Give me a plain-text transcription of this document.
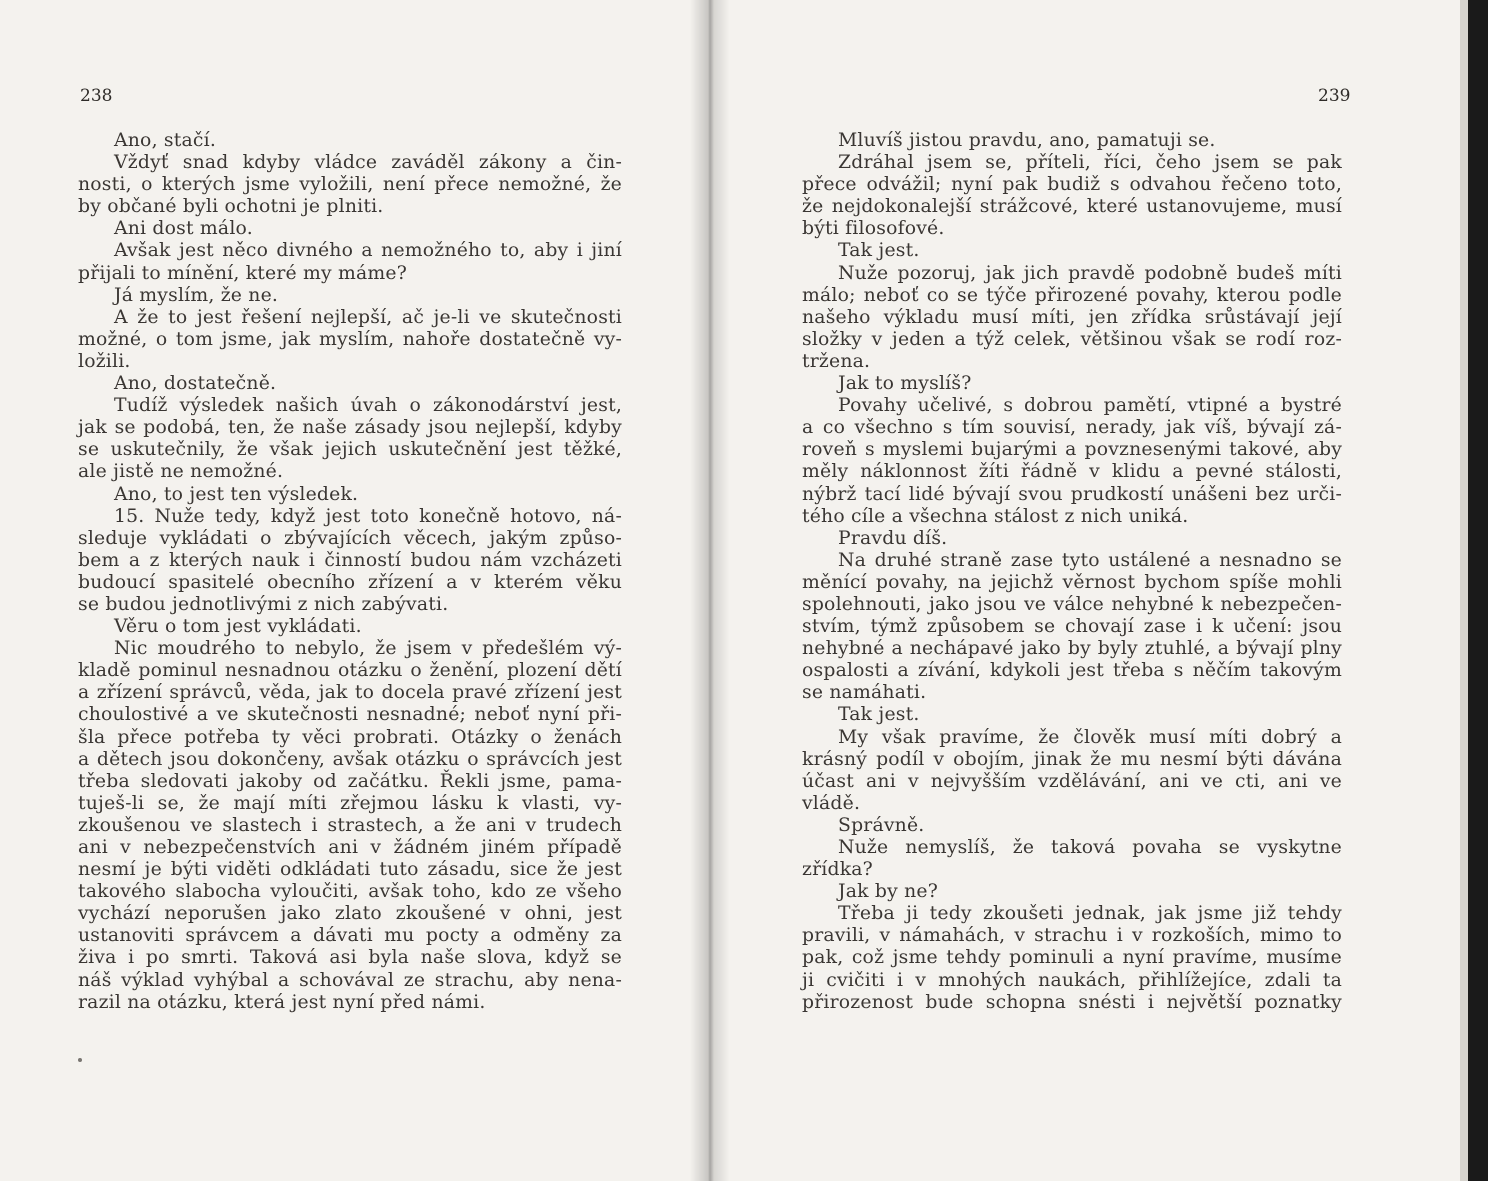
238
Ano, stačí.
Vždyť snad kdyby vládce zaváděl zákony a čin-
nosti, o kterých jsme vyložili, není přece nemožné, že
by občané byli ochotni je plniti.
Ani dost málo.
Avšak jest něco divného a nemožného to, aby i jiní
přijali to mínění, které my máme?
Já myslím, že ne.
A že to jest řešení nejlepší, ač je-li ve skutečnosti
možné, o tom jsme, jak myslím, nahoře dostatečně vy-
ložili.
Ano, dostatečně.
Tudíž výsledek našich úvah o zákonodárství jest,
jak se podobá, ten, že naše zásady jsou nejlepší, kdyby
se uskutečnily, že však jejich uskutečnění jest těžké,
ale jistě ne nemožné.
Ano, to jest ten výsledek.
15. Nuže tedy, když jest toto konečně hotovo, ná-
sleduje vykládati o zbývajících věcech, jakým způso-
bem a z kterých nauk i činností budou nám vzcházeti
budoucí spasitelé obecního zřízení a v kterém věku
se budou jednotlivými z nich zabývati.
Věru o tom jest vykládati.
Nic moudrého to nebylo, že jsem v předešlém vý-
kladě pominul nesnadnou otázku o ženění, plození dětí
a zřízení správců, věda, jak to docela pravé zřízení jest
choulostivé a ve skutečnosti nesnadné; neboť nyní při-
šla přece potřeba ty věci probrati. Otázky o ženách
a dětech jsou dokončeny, avšak otázku o správcích jest
třeba sledovati jakoby od začátku. Řekli jsme, pama-
tuješ-li se, že mají míti zřejmou lásku k vlasti, vy-
zkoušenou ve slastech i strastech, a že ani v trudech
ani v nebezpečenstvích ani v žádném jiném případě
nesmí je býti viděti odkládati tuto zásadu, sice že jest
takového slabocha vyloučiti, avšak toho, kdo ze všeho
vychází neporušen jako zlato zkoušené v ohni, jest
ustanoviti správcem a dávati mu pocty a odměny za
živa i po smrti. Taková asi byla naše slova, když se
náš výklad vyhýbal a schovával ze strachu, aby nena-
razil na otázku, která jest nyní před námi.
239
Mluvíš jistou pravdu, ano, pamatuji se.
Zdráhal jsem se, příteli, říci, čeho jsem se pak
přece odvážil; nyní pak budiž s odvahou řečeno toto,
že nejdokonalejší strážcové, které ustanovujeme, musí
býti filosofové.
Tak jest.
Nuže pozoruj, jak jich pravdě podobně budeš míti
málo; neboť co se týče přirozené povahy, kterou podle
našeho výkladu musí míti, jen zřídka srůstávají její
složky v jeden a týž celek, většinou však se rodí roz-
tržena.
Jak to myslíš?
Povahy učelivé, s dobrou pamětí, vtipné a bystré
a co všechno s tím souvisí, nerady, jak víš, bývají zá-
roveň s myslemi bujarými a povznesenými takové, aby
měly náklonnost žíti řádně v klidu a pevné stálosti,
nýbrž tací lidé bývají svou prudkostí unášeni bez urči-
tého cíle a všechna stálost z nich uniká.
Pravdu díš.
Na druhé straně zase tyto ustálené a nesnadno se
měnící povahy, na jejichž věrnost bychom spíše mohli
spolehnouti, jako jsou ve válce nehybné k nebezpečen-
stvím, týmž způsobem se chovají zase i k učení: jsou
nehybné a nechápavé jako by byly ztuhlé, a bývají plny
ospalosti a zívání, kdykoli jest třeba s něčím takovým
se namáhati.
Tak jest.
My však pravíme, že člověk musí míti dobrý a
krásný podíl v obojím, jinak že mu nesmí býti dávána
účast ani v nejvyšším vzdělávání, ani ve cti, ani ve
vládě.
Správně.
Nuže nemyslíš, že taková povaha se vyskytne
zřídka?
Jak by ne?
Třeba ji tedy zkoušeti jednak, jak jsme již tehdy
pravili, v námahách, v strachu i v rozkoších, mimo to
pak, což jsme tehdy pominuli a nyní pravíme, musíme
ji cvičiti i v mnohých naukách, přihlížejíce, zdali ta
přirozenost bude schopna snésti i největší poznatky
